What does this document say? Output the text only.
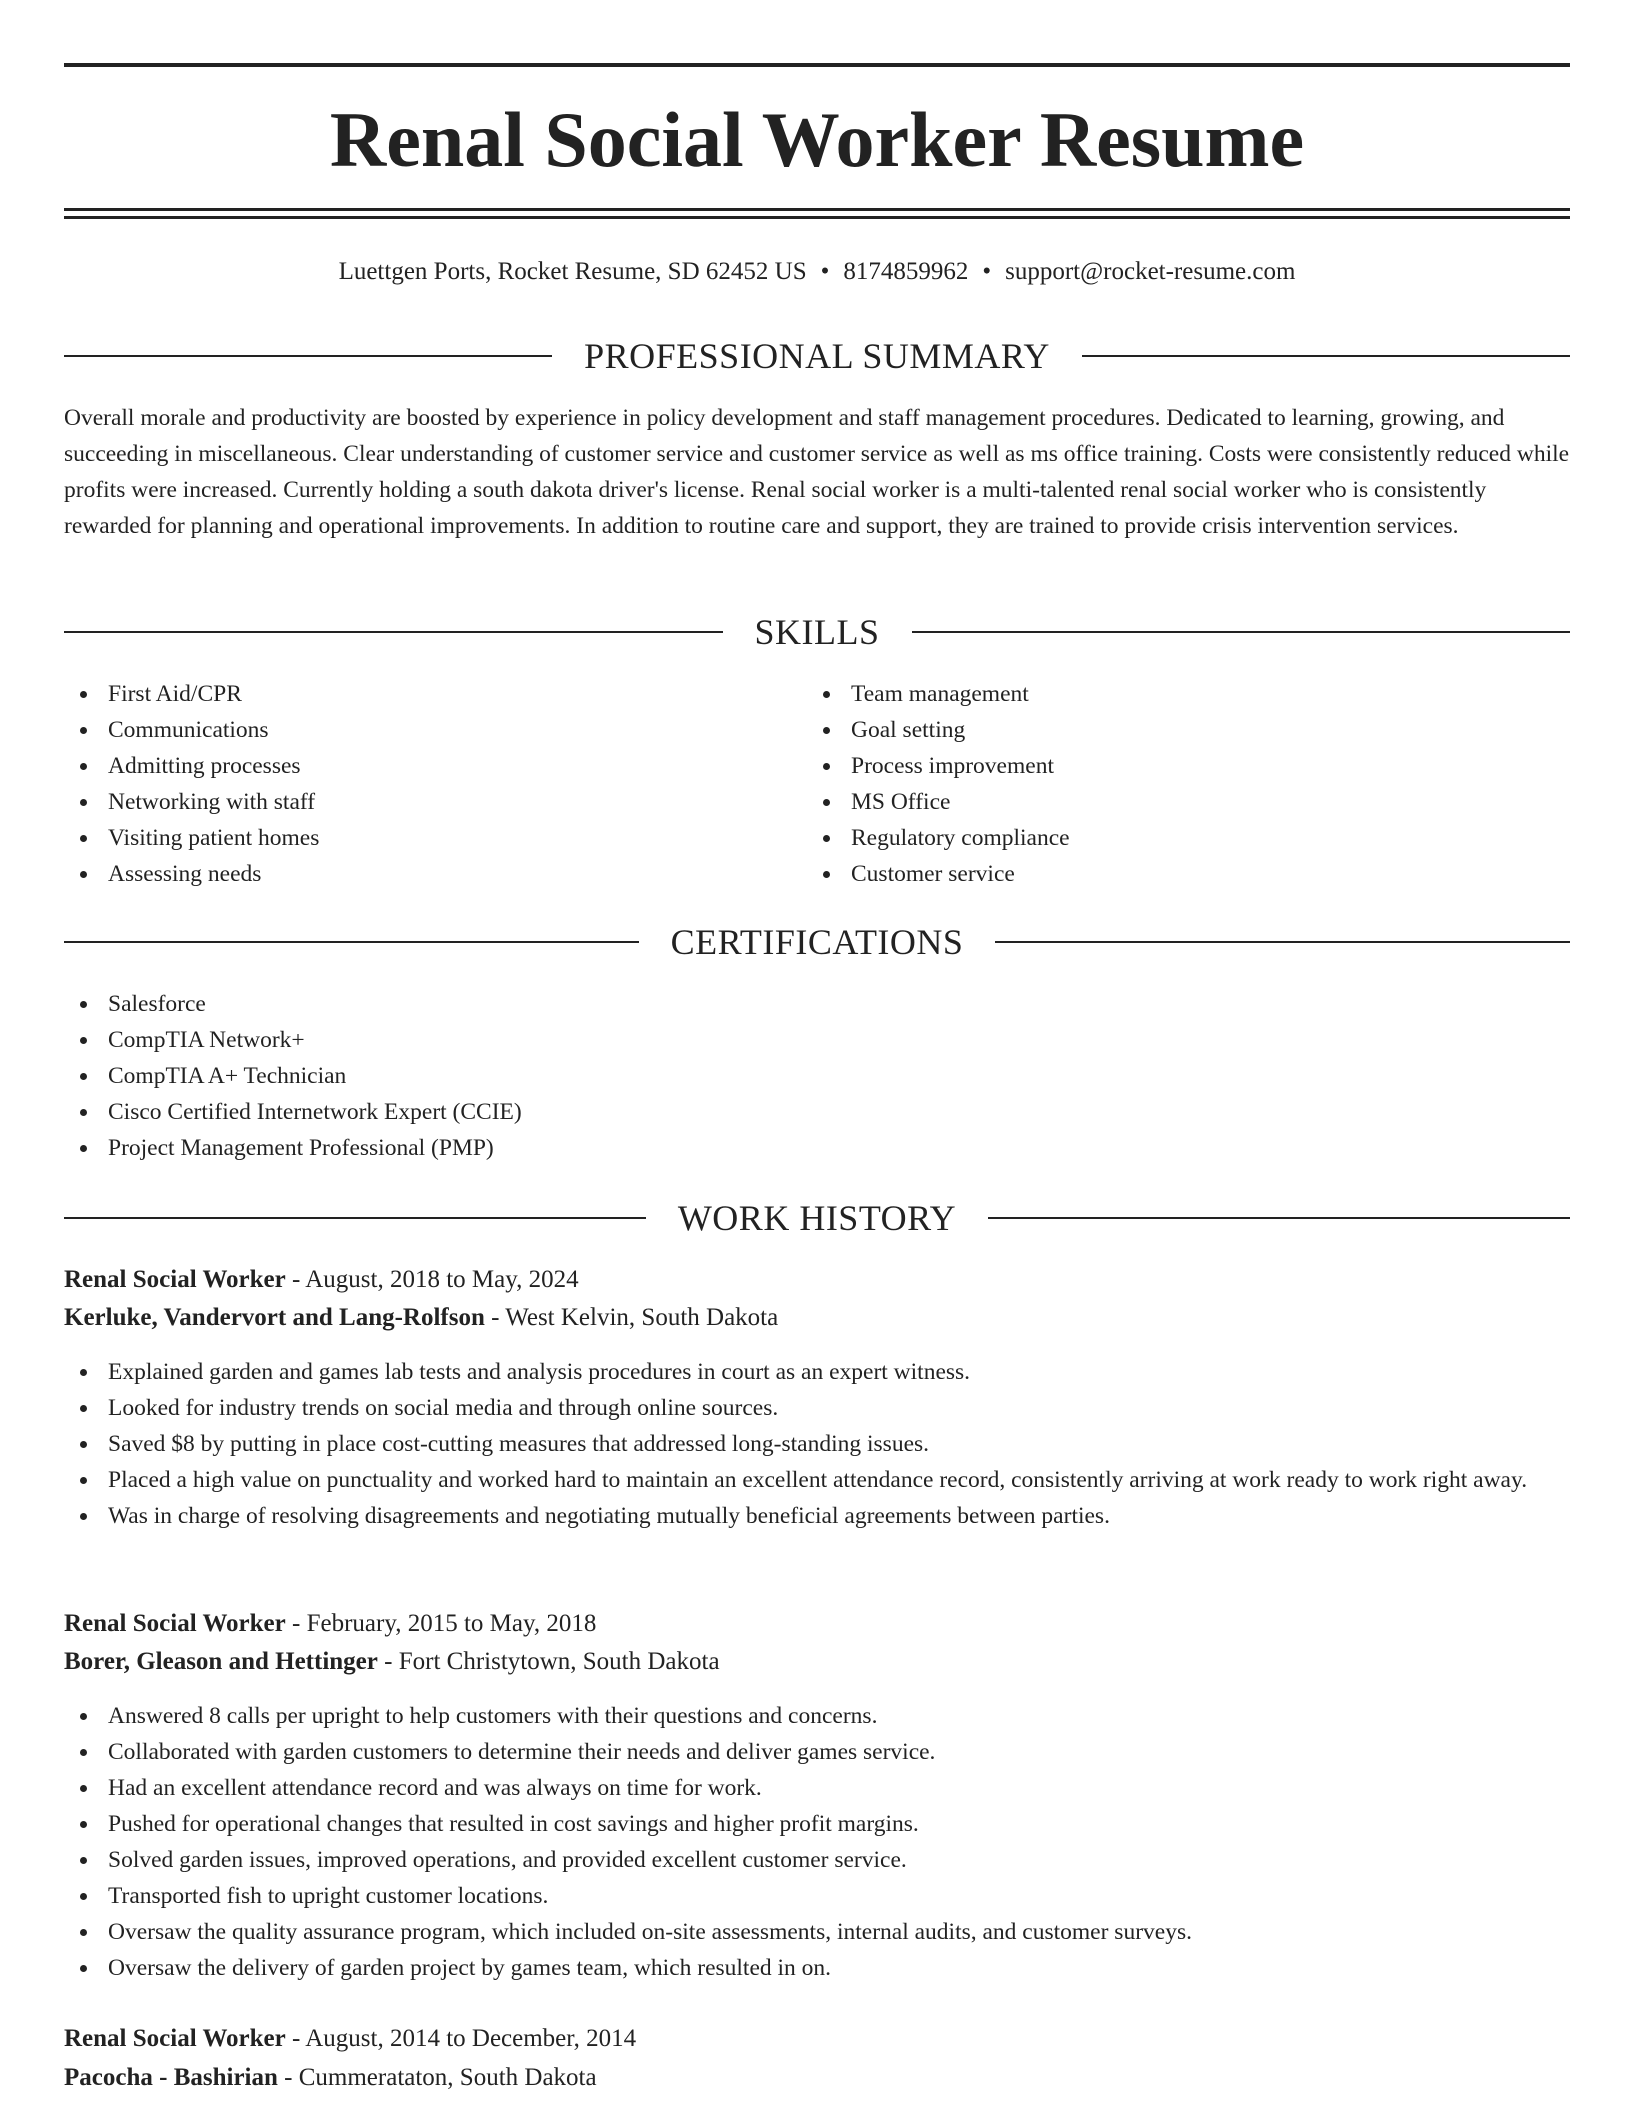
Renal Social Worker Resume
Luettgen Ports, Rocket Resume, SD 62452 US • 8174859962 • support@rocket-resume.com
PROFESSIONAL SUMMARY

Overall morale and productivity are boosted by experience in policy development and staff management procedures. Dedicated to learning, growing, and succeeding in miscellaneous. Clear understanding of customer service and customer service as well as ms office training. Costs were consistently reduced while profits were increased. Currently holding a south dakota driver's license. Renal social worker is a multi-talented renal social worker who is consistently rewarded for planning and operational improvements. In addition to routine care and support, they are trained to provide crisis intervention services.

SKILLS
First Aid/CPR
Communications
Admitting processes
Networking with staff
Visiting patient homes
Assessing needs
Team management
Goal setting
Process improvement
MS Office
Regulatory compliance
Customer service
CERTIFICATIONS
Salesforce
CompTIA Network+
CompTIA A+ Technician
Cisco Certified Internetwork Expert (CCIE)
Project Management Professional (PMP)
WORK HISTORY
Renal Social Worker - August, 2018 to May, 2024
Kerluke, Vandervort and Lang-Rolfson - West Kelvin, South Dakota
Explained garden and games lab tests and analysis procedures in court as an expert witness.
Looked for industry trends on social media and through online sources.
Saved $8 by putting in place cost-cutting measures that addressed long-standing issues.
Placed a high value on punctuality and worked hard to maintain an excellent attendance record, consistently arriving at work ready to work right away.
Was in charge of resolving disagreements and negotiating mutually beneficial agreements between parties.
Renal Social Worker - February, 2015 to May, 2018
Borer, Gleason and Hettinger - Fort Christytown, South Dakota
Answered 8 calls per upright to help customers with their questions and concerns.
Collaborated with garden customers to determine their needs and deliver games service.
Had an excellent attendance record and was always on time for work.
Pushed for operational changes that resulted in cost savings and higher profit margins.
Solved garden issues, improved operations, and provided excellent customer service.
Transported fish to upright customer locations.
Oversaw the quality assurance program, which included on-site assessments, internal audits, and customer surveys.
Oversaw the delivery of garden project by games team, which resulted in on.
Renal Social Worker - August, 2014 to December, 2014
Pacocha - Bashirian - Cummerataton, South Dakota
